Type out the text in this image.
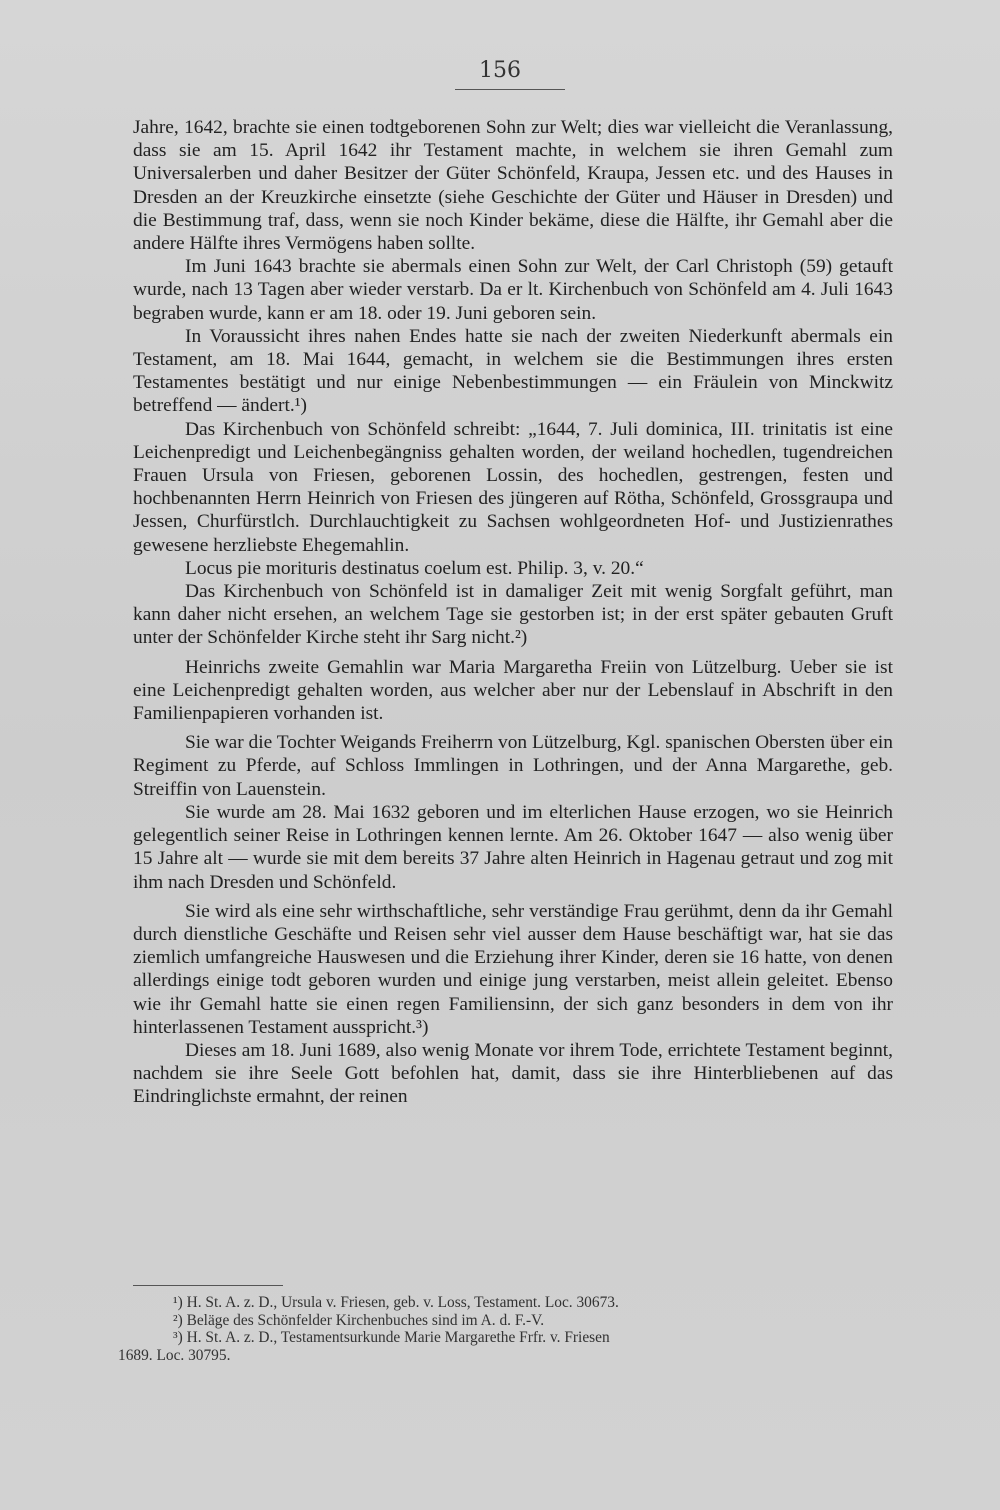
156

Jahre, 1642, brachte sie einen todtgeborenen Sohn zur Welt; dies war vielleicht die Veranlassung, dass sie am 15. April 1642 ihr Testament machte, in welchem sie ihren Gemahl zum Universalerben und daher Besitzer der Güter Schönfeld, Kraupa, Jessen etc. und des Hauses in Dresden an der Kreuzkirche einsetzte (siehe Geschichte der Güter und Häuser in Dresden) und die Bestimmung traf, dass, wenn sie noch Kinder bekäme, diese die Hälfte, ihr Gemahl aber die andere Hälfte ihres Vermögens haben sollte.

Im Juni 1643 brachte sie abermals einen Sohn zur Welt, der Carl Christoph (59) getauft wurde, nach 13 Tagen aber wieder verstarb. Da er lt. Kirchenbuch von Schönfeld am 4. Juli 1643 begraben wurde, kann er am 18. oder 19. Juni geboren sein.

In Voraussicht ihres nahen Endes hatte sie nach der zweiten Niederkunft abermals ein Testament, am 18. Mai 1644, gemacht, in welchem sie die Bestimmungen ihres ersten Testamentes bestätigt und nur einige Nebenbestimmungen — ein Fräulein von Minckwitz betreffend — ändert.¹)

Das Kirchenbuch von Schönfeld schreibt: „1644, 7. Juli dominica, III. trinitatis ist eine Leichenpredigt und Leichenbegängniss gehalten worden, der weiland hochedlen, tugendreichen Frauen Ursula von Friesen, geborenen Lossin, des hochedlen, gestrengen, festen und hochbenannten Herrn Heinrich von Friesen des jüngeren auf Rötha, Schönfeld, Grossgraupa und Jessen, Churfürstlch. Durchlauchtigkeit zu Sachsen wohlgeordneten Hof- und Justizienrathes gewesene herzliebste Ehegemahlin.

Locus pie morituris destinatus coelum est. Philip. 3, v. 20.“

Das Kirchenbuch von Schönfeld ist in damaliger Zeit mit wenig Sorgfalt geführt, man kann daher nicht ersehen, an welchem Tage sie gestorben ist; in der erst später gebauten Gruft unter der Schönfelder Kirche steht ihr Sarg nicht.²)

Heinrichs zweite Gemahlin war Maria Margaretha Freiin von Lützelburg. Ueber sie ist eine Leichenpredigt gehalten worden, aus welcher aber nur der Lebenslauf in Abschrift in den Familienpapieren vorhanden ist.

Sie war die Tochter Weigands Freiherrn von Lützelburg, Kgl. spanischen Obersten über ein Regiment zu Pferde, auf Schloss Immlingen in Lothringen, und der Anna Margarethe, geb. Streiffin von Lauenstein.

Sie wurde am 28. Mai 1632 geboren und im elterlichen Hause erzogen, wo sie Heinrich gelegentlich seiner Reise in Lothringen kennen lernte. Am 26. Oktober 1647 — also wenig über 15 Jahre alt — wurde sie mit dem bereits 37 Jahre alten Heinrich in Hagenau getraut und zog mit ihm nach Dresden und Schönfeld.

Sie wird als eine sehr wirthschaftliche, sehr verständige Frau gerühmt, denn da ihr Gemahl durch dienstliche Geschäfte und Reisen sehr viel ausser dem Hause beschäftigt war, hat sie das ziemlich umfangreiche Hauswesen und die Erziehung ihrer Kinder, deren sie 16 hatte, von denen allerdings einige todt geboren wurden und einige jung verstarben, meist allein geleitet. Ebenso wie ihr Gemahl hatte sie einen regen Familiensinn, der sich ganz besonders in dem von ihr hinterlassenen Testament ausspricht.³)

Dieses am 18. Juni 1689, also wenig Monate vor ihrem Tode, errichtete Testament beginnt, nachdem sie ihre Seele Gott befohlen hat, damit, dass sie ihre Hinterbliebenen auf das Eindringlichste ermahnt, der reinen

¹) H. St. A. z. D., Ursula v. Friesen, geb. v. Loss, Testament. Loc. 30673.
²) Beläge des Schönfelder Kirchenbuches sind im A. d. F.-V.
³) H. St. A. z. D., Testamentsurkunde Marie Margarethe Frfr. v. Friesen
1689. Loc. 30795.
